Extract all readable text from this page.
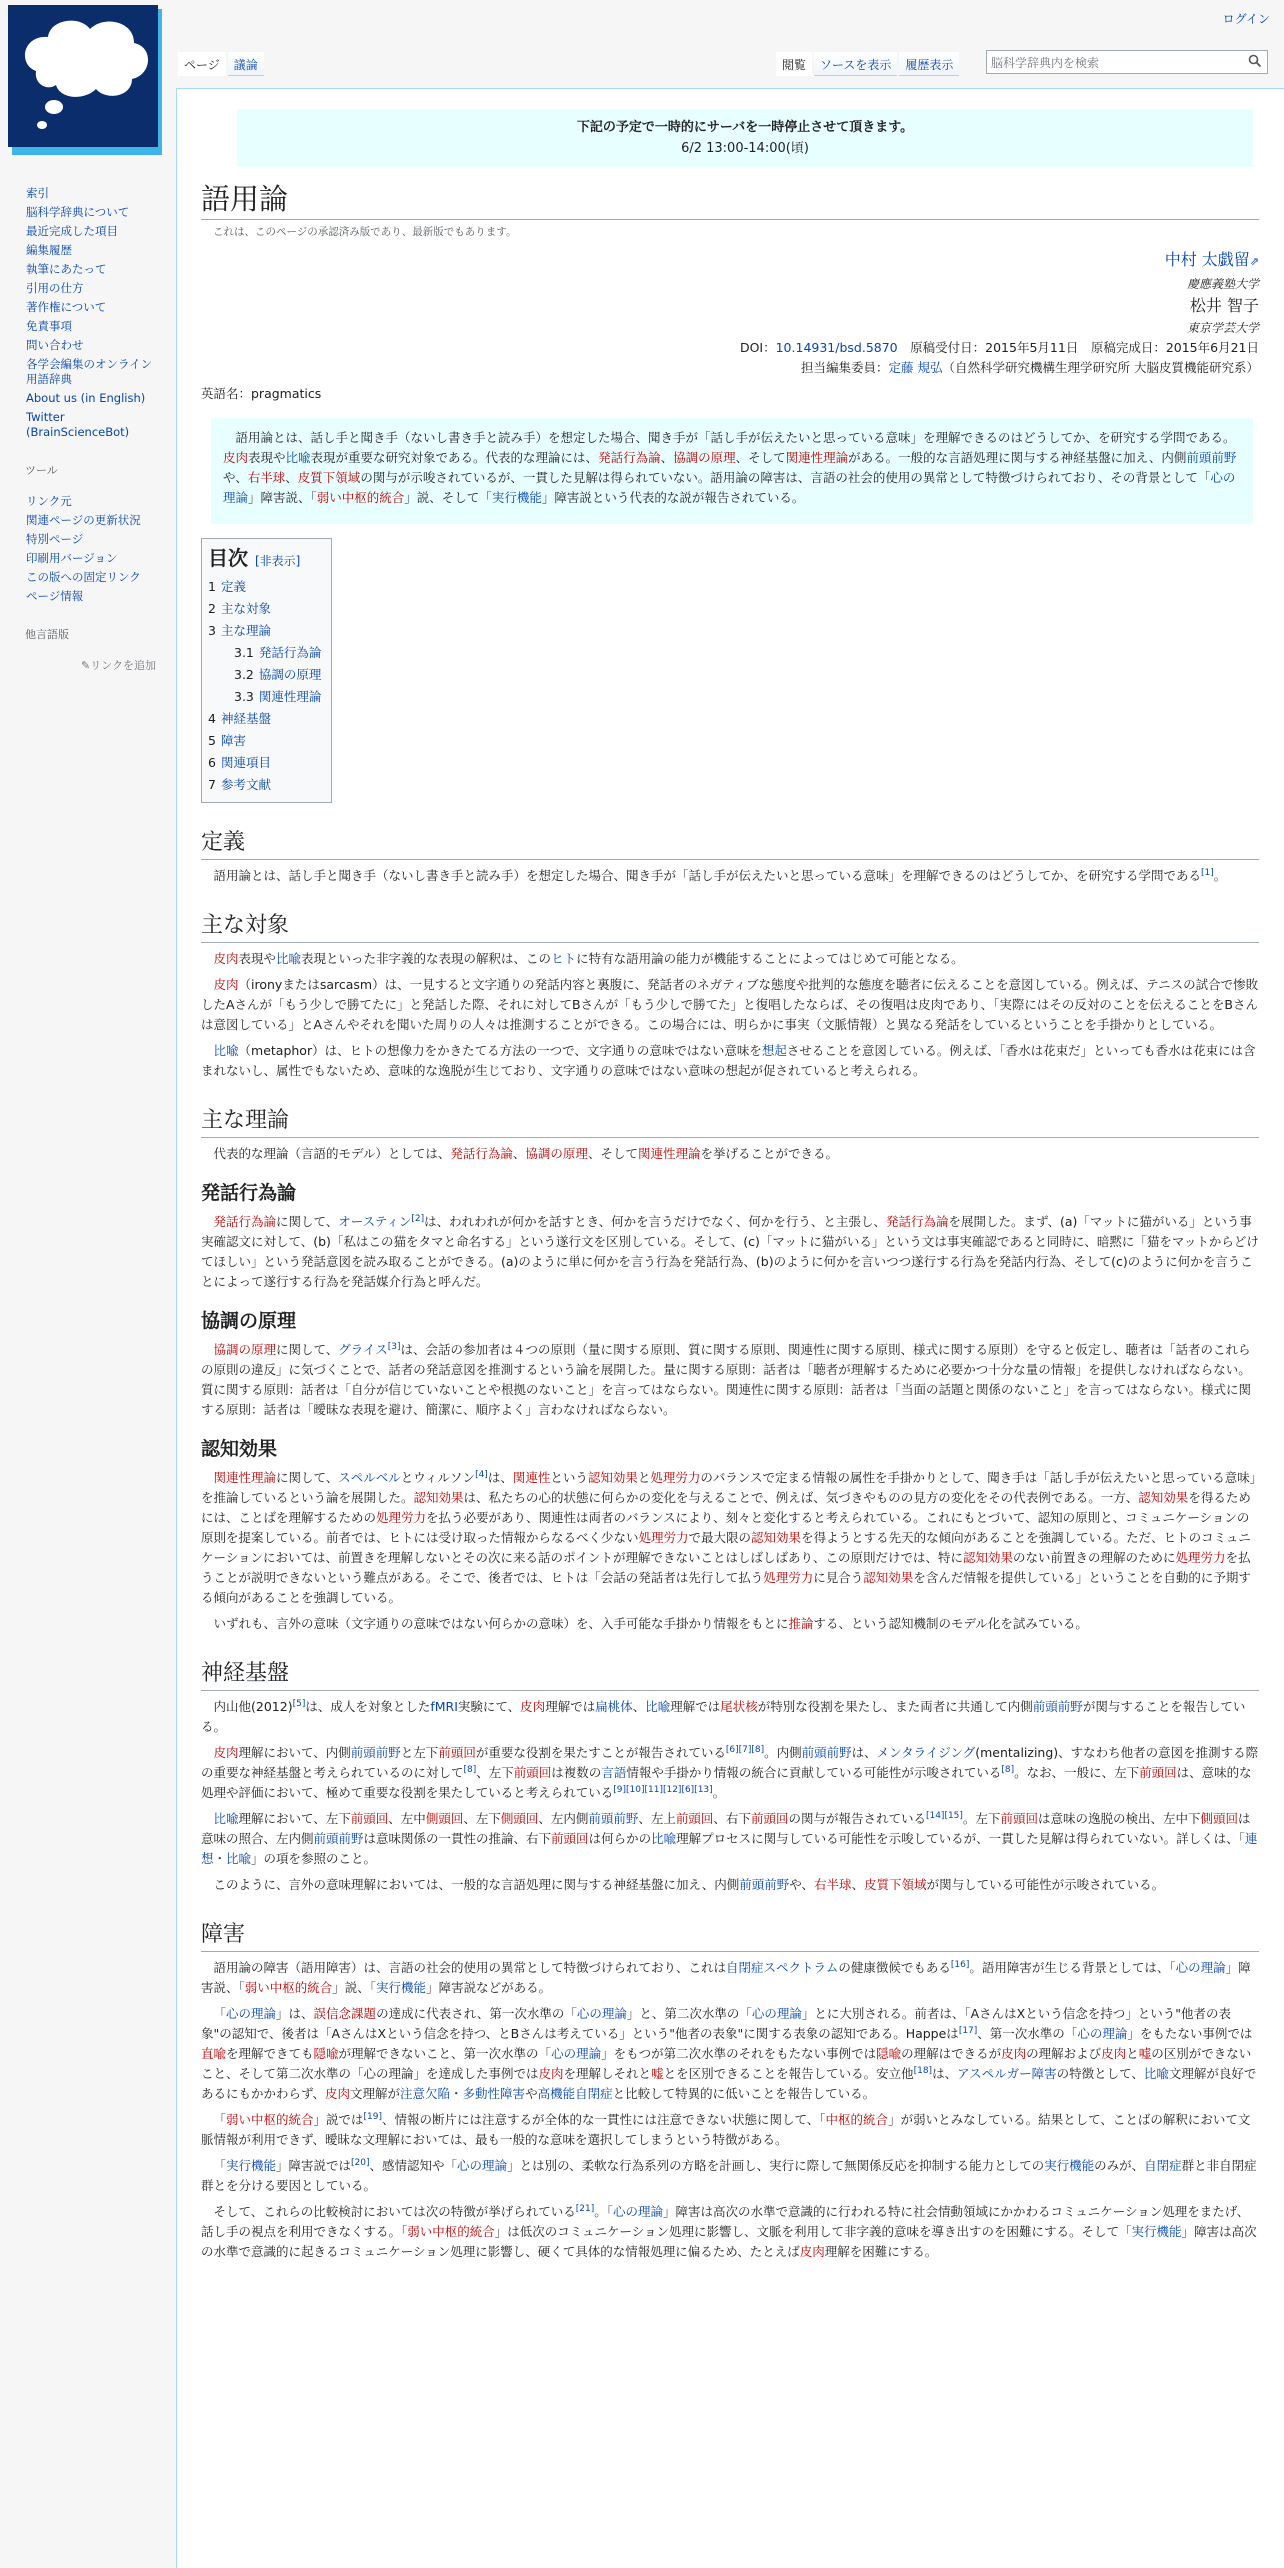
ログイン
ページ	議論	閲覧	ソースを表示	履歴表示	脳科学辞典内を検索
索引
脳科学辞典について
最近完成した項目
編集履歴
執筆にあたって
引用の仕方
著作権について
免責事項
問い合わせ
各学会編集のオンライン用語辞典
About us (in English)
Twitter (BrainScienceBot)
ツール
リンク元
関連ページの更新状況
特別ページ
印刷用バージョン
この版への固定リンク
ページ情報
他言語版
✎リンクを追加
下記の予定で一時的にサーバを一時停止させて頂きます。
6/2 13:00-14:00(頃)
語用論
これは、このページの承認済み版であり、最新版でもあります。
中村 太戯留⇗
慶應義塾大学
松井 智子
東京学芸大学
DOI：10.14931/bsd.5870　 原稿受付日：2015年5月11日　原稿完成日：2015年6月21日
担当編集委員：定藤 規弘（自然科学研究機構生理学研究所 大脳皮質機能研究系）
英語名：pragmatics

語用論とは、話し手と聞き手（ないし書き手と読み手）を想定した場合、聞き手が「話し手が伝えたいと思っている意味」を理解できるのはどうしてか、を研究する学問である。皮肉表現や比喩表現が重要な研究対象である。代表的な理論には、発話行為論、協調の原理、そして関連性理論がある。一般的な言語処理に関与する神経基盤に加え、内側前頭前野や、右半球、皮質下領域の関与が示唆されているが、一貫した見解は得られていない。語用論の障害は、言語の社会的使用の異常として特徴づけられており、その背景として「心の理論」障害説、「弱い中枢的統合」説、そして「実行機能」障害説という代表的な説が報告されている。

目次 [非表示]
1 定義
2 主な対象
3 主な理論
3.1 発話行為論
3.2 協調の原理
3.3 関連性理論
4 神経基盤
5 障害
6 関連項目
7 参考文献
定義

語用論とは、話し手と聞き手（ないし書き手と読み手）を想定した場合、聞き手が「話し手が伝えたいと思っている意味」を理解できるのはどうしてか、を研究する学問である[1]。

主な対象

皮肉表現や比喩表現といった非字義的な表現の解釈は、このヒトに特有な語用論の能力が機能することによってはじめて可能となる。

皮肉（ironyまたはsarcasm）は、一見すると文字通りの発話内容と裏腹に、発話者のネガティブな態度や批判的な態度を聴者に伝えることを意図している。例えば、テニスの試合で惨敗したAさんが「もう少しで勝てたに」と発話した際、それに対してBさんが「もう少しで勝てた」と復唱したならば、その復唱は皮肉であり、「実際にはその反対のことを伝えることをBさんは意図している」とAさんやそれを聞いた周りの人々は推測することができる。この場合には、明らかに事実（文脈情報）と異なる発話をしているということを手掛かりとしている。

比喩（metaphor）は、ヒトの想像力をかきたてる方法の一つで、文字通りの意味ではない意味を想起させることを意図している。例えば、「香水は花束だ」といっても香水は花束には含まれないし、属性でもないため、意味的な逸脱が生じており、文字通りの意味ではない意味の想起が促されていると考えられる。

主な理論

代表的な理論（言語的モデル）としては、発話行為論、協調の原理、そして関連性理論を挙げることができる。

発話行為論

発話行為論に関して、オースティン[2]は、われわれが何かを話すとき、何かを言うだけでなく、何かを行う、と主張し、発話行為論を展開した。まず、(a)「マットに猫がいる」という事実確認文に対して、(b)「私はこの猫をタマと命名する」という遂行文を区別している。そして、(c)「マットに猫がいる」という文は事実確認であると同時に、暗黙に「猫をマットからどけてほしい」という発話意図を読み取ることができる。(a)のように単に何かを言う行為を発話行為、(b)のように何かを言いつつ遂行する行為を発話内行為、そして(c)のように何かを言うことによって遂行する行為を発話媒介行為と呼んだ。

協調の原理

協調の原理に関して、グライス[3]は、会話の参加者は４つの原則（量に関する原則、質に関する原則、関連性に関する原則、様式に関する原則）を守ると仮定し、聴者は「話者のこれらの原則の違反」に気づくことで、話者の発話意図を推測するという論を展開した。量に関する原則：話者は「聴者が理解するために必要かつ十分な量の情報」を提供しなければならない。質に関する原則：話者は「自分が信じていないことや根拠のないこと」を言ってはならない。関連性に関する原則：話者は「当面の話題と関係のないこと」を言ってはならない。様式に関する原則：話者は「曖昧な表現を避け、簡潔に、順序よく」言わなければならない。

認知効果

関連性理論に関して、スペルベルとウィルソン[4]は、関連性という認知効果と処理労力のバランスで定まる情報の属性を手掛かりとして、聞き手は「話し手が伝えたいと思っている意味」を推論しているという論を展開した。認知効果は、私たちの心的状態に何らかの変化を与えることで、例えば、気づきやものの見方の変化をその代表例である。一方、認知効果を得るためには、ことばを理解するための処理労力を払う必要があり、関連性は両者のバランスにより、刻々と変化すると考えられている。これにもとづいて、認知の原則と、コミュニケーションの原則を提案している。前者では、ヒトには受け取った情報からなるべく少ない処理労力で最大限の認知効果を得ようとする先天的な傾向があることを強調している。ただ、ヒトのコミュニケーションにおいては、前置きを理解しないとその次に来る話のポイントが理解できないことはしばしばあり、この原則だけでは、特に認知効果のない前置きの理解のために処理労力を払うことが説明できないという難点がある。そこで、後者では、ヒトは「会話の発話者は先行して払う処理労力に見合う認知効果を含んだ情報を提供している」ということを自動的に予期する傾向があることを強調している。

いずれも、言外の意味（文字通りの意味ではない何らかの意味）を、入手可能な手掛かり情報をもとに推論する、という認知機制のモデル化を試みている。

神経基盤

内山他(2012)[5]は、成人を対象としたfMRI実験にて、皮肉理解では扁桃体、比喩理解では尾状核が特別な役割を果たし、また両者に共通して内側前頭前野が関与することを報告している。

皮肉理解において、内側前頭前野と左下前頭回が重要な役割を果たすことが報告されている[6][7][8]。内側前頭前野は、メンタライジング(mentalizing)、すなわち他者の意図を推測する際の重要な神経基盤と考えられているのに対して[8]、左下前頭回は複数の言語情報や手掛かり情報の統合に貢献している可能性が示唆されている[8]。なお、一般に、左下前頭回は、意味的な処理や評価において、極めて重要な役割を果たしていると考えられている[9][10][11][12][6][13]。

比喩理解において、左下前頭回、左中側頭回、左下側頭回、左内側前頭前野、左上前頭回、右下前頭回の関与が報告されている[14][15]。左下前頭回は意味の逸脱の検出、左中下側頭回は意味の照合、左内側前頭前野は意味関係の一貫性の推論、右下前頭回は何らかの比喩理解プロセスに関与している可能性を示唆しているが、一貫した見解は得られていない。詳しくは、「連想・比喩」の項を参照のこと。

このように、言外の意味理解においては、一般的な言語処理に関与する神経基盤に加え、内側前頭前野や、右半球、皮質下領域が関与している可能性が示唆されている。

障害

語用論の障害（語用障害）は、言語の社会的使用の異常として特徴づけられており、これは自閉症スペクトラムの健康徴候でもある[16]。語用障害が生じる背景としては、「心の理論」障害説、「弱い中枢的統合」説、「実行機能」障害説などがある。

「心の理論」は、誤信念課題の達成に代表され、第一次水準の「心の理論」と、第二次水準の「心の理論」とに大別される。前者は、「AさんはXという信念を持つ」という"他者の表象"の認知で、後者は「AさんはXという信念を持つ、とBさんは考えている」という"他者の表象"に関する表象の認知である。Happeは[17]、第一次水準の「心の理論」をもたない事例では直喩を理解できても隠喩が理解できないこと、第一次水準の「心の理論」をもつが第二次水準のそれをもたない事例では隠喩の理解はできるが皮肉の理解および皮肉と嘘の区別ができないこと、そして第二次水準の「心の理論」を達成した事例では皮肉を理解しそれと嘘とを区別できることを報告している。安立他[18]は、アスペルガー障害の特徴として、比喩文理解が良好であるにもかかわらず、皮肉文理解が注意欠陥・多動性障害や高機能自閉症と比較して特異的に低いことを報告している。

「弱い中枢的統合」説では[19]、情報の断片には注意するが全体的な一貫性には注意できない状態に関して、「中枢的統合」が弱いとみなしている。結果として、ことばの解釈において文脈情報が利用できず、曖昧な文理解においては、最も一般的な意味を選択してしまうという特徴がある。

「実行機能」障害説では[20]、感情認知や「心の理論」とは別の、柔軟な行為系列の方略を計画し、実行に際して無関係反応を抑制する能力としての実行機能のみが、自閉症群と非自閉症群とを分ける要因としている。

そして、これらの比較検討においては次の特徴が挙げられている[21]。「心の理論」障害は高次の水準で意識的に行われる特に社会情動領域にかかわるコミュニケーション処理をまたげ、話し手の視点を利用できなくする。「弱い中枢的統合」は低次のコミュニケーション処理に影響し、文脈を利用して非字義的意味を導き出すのを困難にする。そして「実行機能」障害は高次の水準で意識的に起きるコミュニケーション処理に影響し、硬くて具体的な情報処理に偏るため、たとえば皮肉理解を困難にする。
